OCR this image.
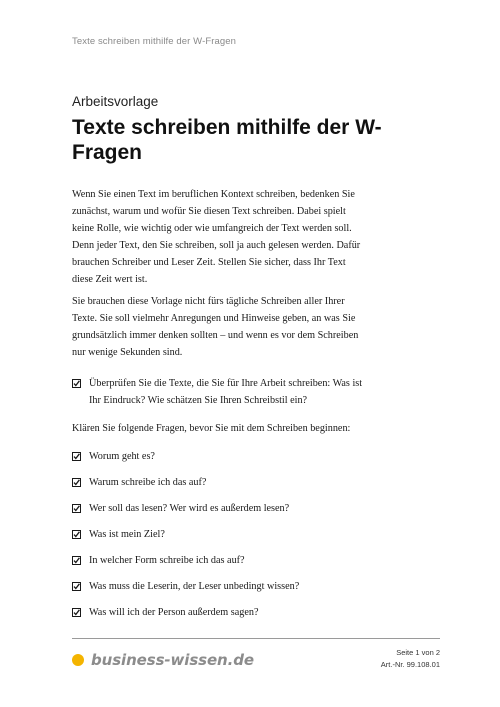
Texte schreiben mithilfe der W-Fragen
Arbeitsvorlage
Texte schreiben mithilfe der W-Fragen

Wenn Sie einen Text im beruflichen Kontext schreiben, bedenken Sie zunächst, warum und wofür Sie diesen Text schreiben. Dabei spielt keine Rolle, wie wichtig oder wie umfangreich der Text werden soll. Denn jeder Text, den Sie schreiben, soll ja auch gelesen werden. Dafür brauchen Schreiber und Leser Zeit. Stellen Sie sicher, dass Ihr Text diese Zeit wert ist.

Sie brauchen diese Vorlage nicht fürs tägliche Schreiben aller Ihrer Texte. Sie soll vielmehr Anregungen und Hinweise geben, an was Sie grundsätzlich immer denken sollten – und wenn es vor dem Schreiben nur wenige Sekunden sind.

Überprüfen Sie die Texte, die Sie für Ihre Arbeit schreiben: Was ist Ihr Eindruck? Wie schätzen Sie Ihren Schreibstil ein?

Klären Sie folgende Fragen, bevor Sie mit dem Schreiben beginnen:

Worum geht es?
Warum schreibe ich das auf?
Wer soll das lesen? Wer wird es außerdem lesen?
Was ist mein Ziel?
In welcher Form schreibe ich das auf?
Was muss die Leserin, der Leser unbedingt wissen?
Was will ich der Person außerdem sagen?
business-wissen.de	Seite 1 von 2
Art.-Nr. 99.108.01
